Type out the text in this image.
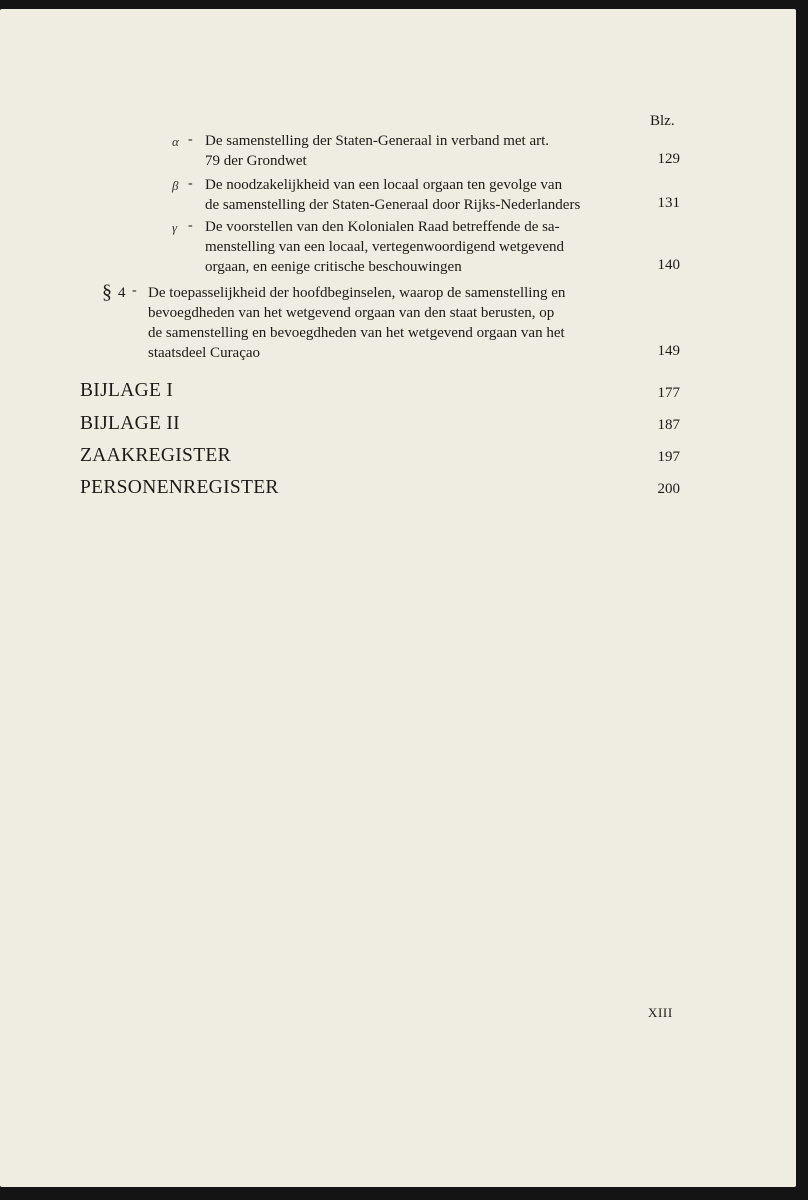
Blz.
α - De samenstelling der Staten-Generaal in verband met art.
79 der Grondwet	129
β - De noodzakelijkheid van een locaal orgaan ten gevolge van
de samenstelling der Staten-Generaal door Rijks-Nederlanders	131
γ - De voorstellen van den Kolonialen Raad betreffende de sa-
menstelling van een locaal, vertegenwoordigend wetgevend
orgaan, en eenige critische beschouwingen	140
§ 4 - De toepasselijkheid der hoofdbeginselen, waarop de samenstelling en
bevoegdheden van het wetgevend orgaan van den staat berusten, op
de samenstelling en bevoegdheden van het wetgevend orgaan van het
staatsdeel Curaçao	149
BIJLAGE I	177
BIJLAGE II	187
ZAAKREGISTER	197
PERSONENREGISTER	200
XIII
